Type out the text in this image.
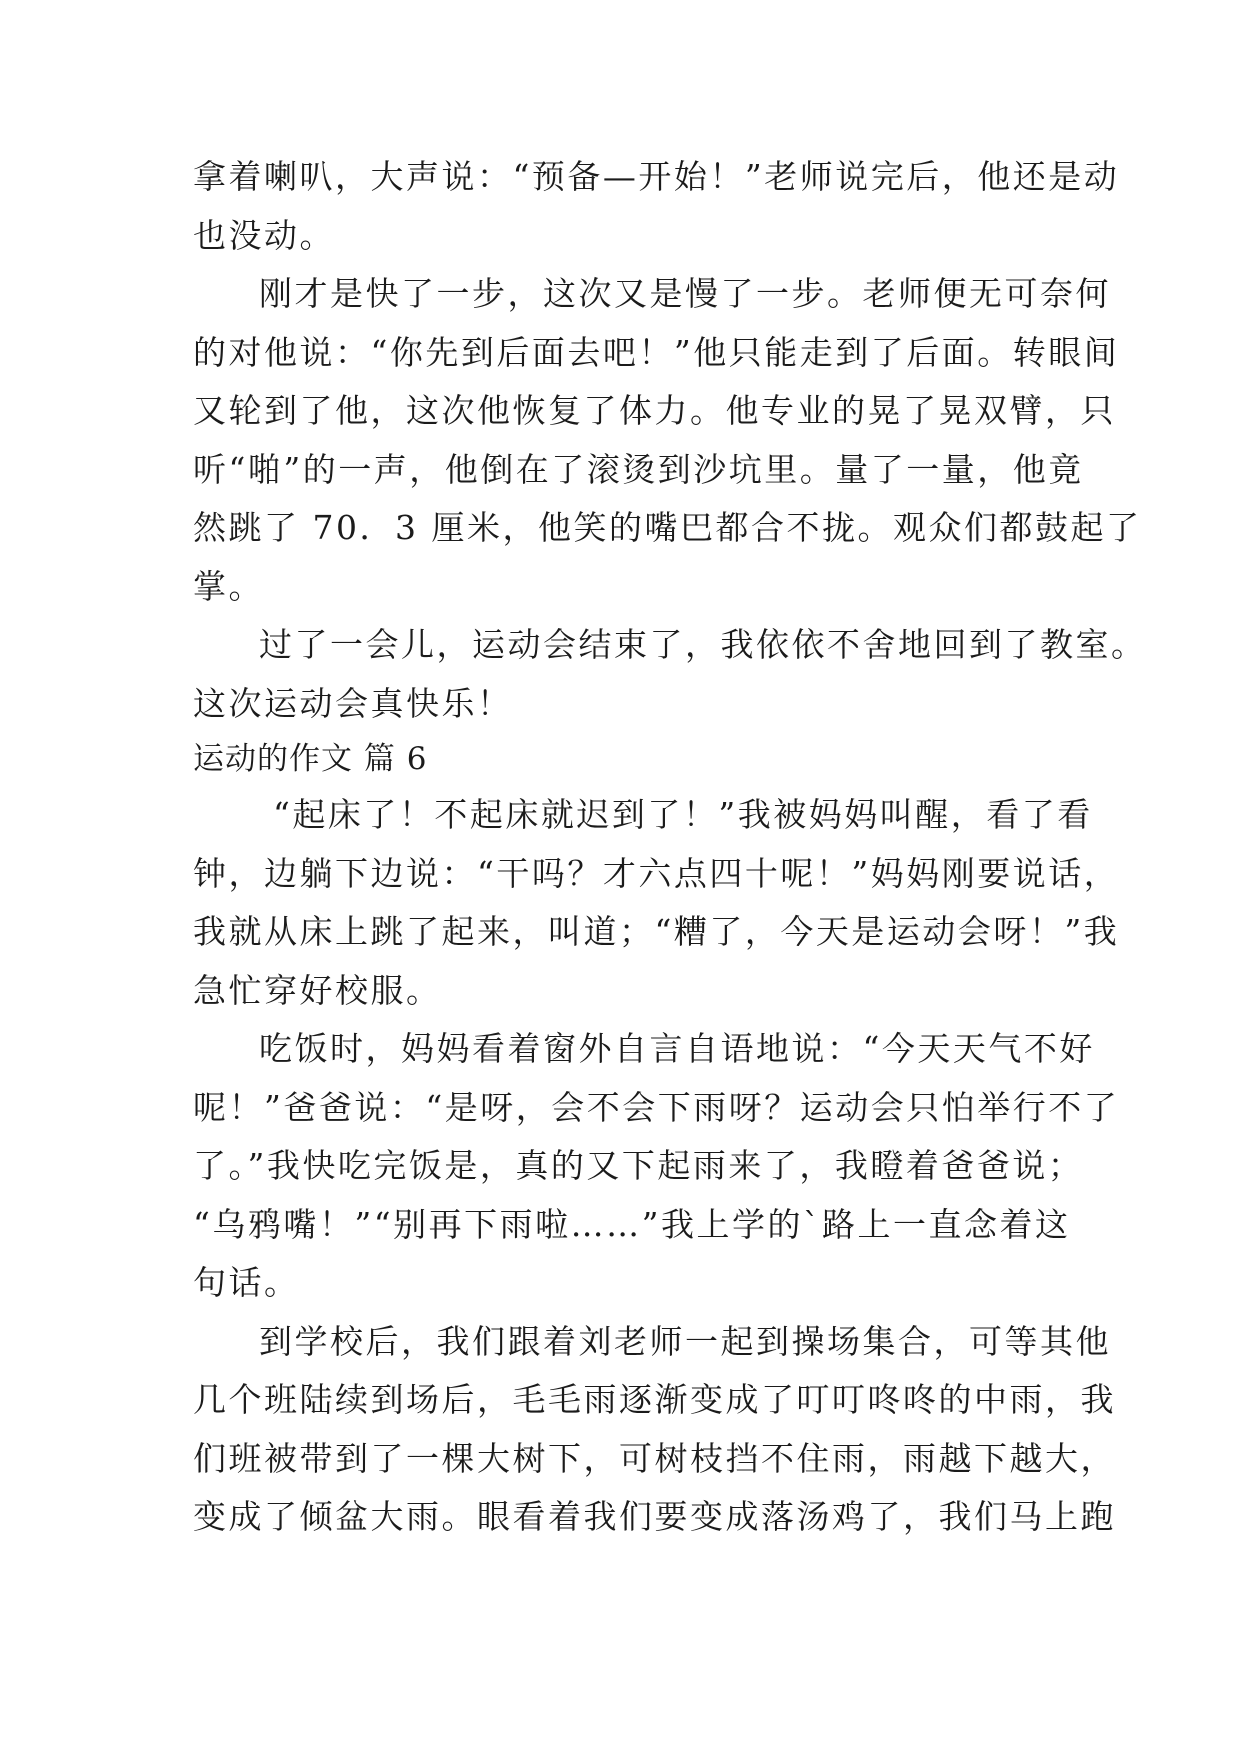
拿着喇叭，大声说：“预备—开始！”老师说完后，他还是动
也没动。
刚才是快了一步，这次又是慢了一步。老师便无可奈何
的对他说：“你先到后面去吧！”他只能走到了后面。转眼间
又轮到了他，这次他恢复了体力。他专业的晃了晃双臂，只
听“啪”的一声，他倒在了滚烫到沙坑里。量了一量，他竟
然跳了 70．3 厘米，他笑的嘴巴都合不拢。观众们都鼓起了
掌。
过了一会儿，运动会结束了，我依依不舍地回到了教室。
这次运动会真快乐！
运动的作文 篇 6
“起床了！不起床就迟到了！”我被妈妈叫醒，看了看
钟，边躺下边说：“干吗？才六点四十呢！”妈妈刚要说话，
我就从床上跳了起来，叫道；“糟了，今天是运动会呀！”我
急忙穿好校服。
吃饭时，妈妈看着窗外自言自语地说：“今天天气不好
呢！”爸爸说：“是呀，会不会下雨呀？运动会只怕举行不了
了。”我快吃完饭是，真的又下起雨来了，我瞪着爸爸说；
“乌鸦嘴！”“别再下雨啦……”我上学的`路上一直念着这
句话。
到学校后，我们跟着刘老师一起到操场集合，可等其他
几个班陆续到场后，毛毛雨逐渐变成了叮叮咚咚的中雨，我
们班被带到了一棵大树下，可树枝挡不住雨，雨越下越大，
变成了倾盆大雨。眼看着我们要变成落汤鸡了，我们马上跑
